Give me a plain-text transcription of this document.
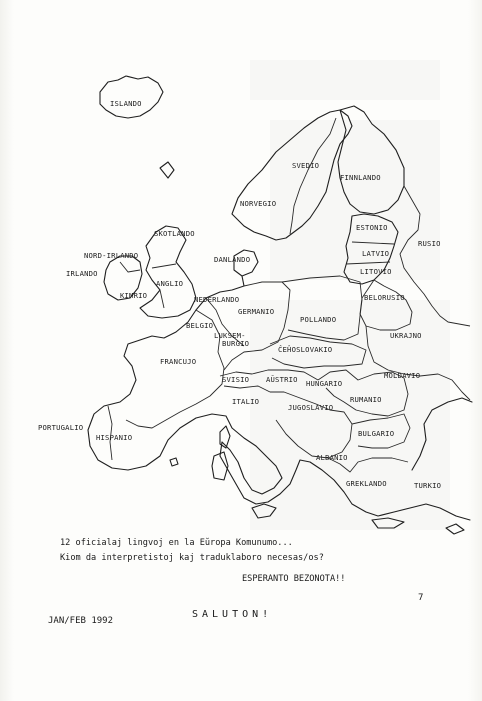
ISLANDO
SVEDIO
FINNLANDO
NORVEGIO
ESTONIO
RUSIO
LATVIO
LITOVIO
SKOTLANDO
NORD-IRLANDO
IRLANDO
KIMRIO
ANGLIO
DANLANDO
NEDERLANDO
GERMANIO
POLLANDO
BELORUSIO
BELGIO
LUKSEM-
BURGIO
ĈEĤOSLOVAKIO
UKRAJNO
FRANCUJO
SVISIO AŬSTRIO HUNGARIO
MOLDAVIO
ITALIO
JUGOSLAVIO
RUMANIO
PORTUGALIO
HISPANIO	BULGARIO
ALBANIO
GREKLANDO	TURKIO
12 oficialaj lingvoj en la Eŭropa Komunumo...
Kiom da interpretistoj kaj traduklaboro necesas/os?
ESPERANTO BEZONOTA!!
JAN/FEB 1992
SALUTON!
7
